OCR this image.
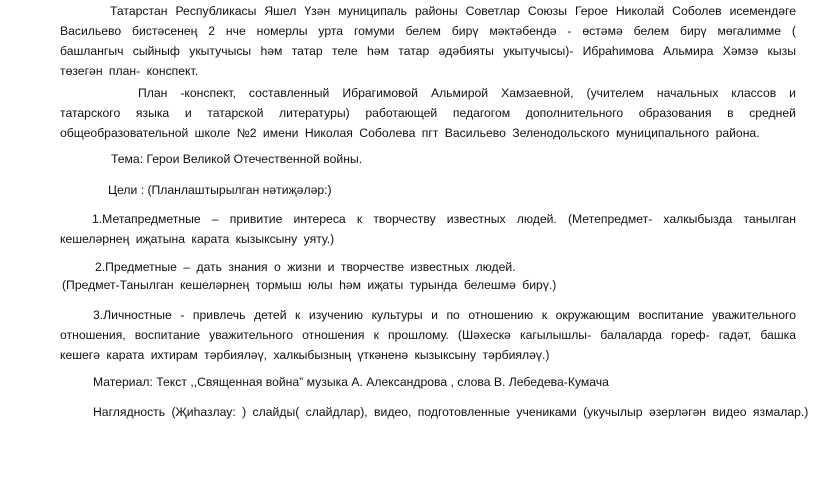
Татарстан Республикасы Яшел Үзән муниципаль районы Советлар Союзы Герое Николай Соболев исемендәге Васильево бистәсенең 2 нче номерлы урта гомуми белем бирү мәктәбендә - өстәмә белем бирү мөгалимме ( башлангыч сыйныф укытучысы һәм татар теле һәм татар әдәбияты укытучысы)- Ибраһимова Альмира Хәмзә кызы төзегән план- конспект.

План -конспект, составленный Ибрагимовой Альмирой Хамзаевной, (учителем начальных классов и татарского языка и татарской литературы) работающей педагогом дополнительного образования в средней общеобразовательной школе №2 имени Николая Соболева пгт Васильево Зеленодольского муниципального района.

Тема: Герои Великой Отечественной войны.

Цели : (Планлаштырылган нәтиҗәләр:)

1.Метапредметные – привитие интереса к творчеству известных людей. (Метепредмет- халкыбызда танылган кешеләрнең иҗатына карата кызыксыну уяту.)

2.Предметные – дать знания о жизни и творчестве известных людей.

(Предмет-Танылган кешеләрнең тормыш юлы һәм иҗаты турында белешмә бирү.)

3.Личностные - привлечь детей к изучению культуры и по отношению к окружающим воспитание уважительного отношения, воспитание уважительного отношения к прошлому. (Шәхескә кагылышлы- балаларда гореф- гадәт, башка кешегә карата ихтирам тәрбияләү, халкыбызның үткәненә кызыксыну тәрбияләү.)

Материал: Текст ,,Священная война” музыка А. Александрова , слова В. Лебедева-Кумача

Наглядность (Җиһазлау: ) слайды( слайдлар), видео, подготовленные учениками (укучылыр әзерләгән видео язмалар.)
